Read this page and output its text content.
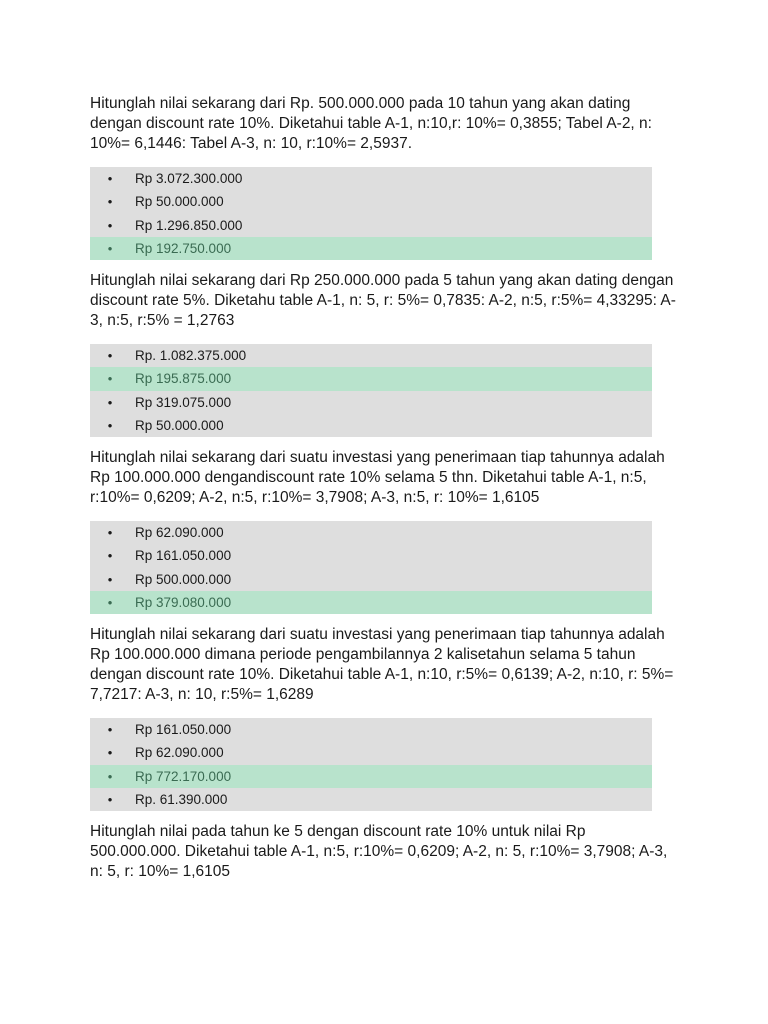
Hitunglah nilai sekarang dari Rp. 500.000.000 pada 10 tahun yang akan dating dengan discount rate 10%. Diketahui table A-1, n:10,r: 10%= 0,3855; Tabel A-2, n: 10%= 6,1446: Tabel A-3, n: 10, r:10%= 2,5937.

• Rp 3.072.300.000
• Rp 50.000.000
• Rp 1.296.850.000
• Rp 192.750.000

Hitunglah nilai sekarang dari Rp 250.000.000 pada 5 tahun yang akan dating dengan discount rate 5%. Diketahu table A-1, n: 5, r: 5%= 0,7835: A-2, n:5, r:5%= 4,33295: A-3, n:5, r:5% = 1,2763

• Rp. 1.082.375.000
• Rp 195.875.000
• Rp 319.075.000
• Rp 50.000.000

Hitunglah nilai sekarang dari suatu investasi yang penerimaan tiap tahunnya adalah Rp 100.000.000 dengandiscount rate 10% selama 5 thn. Diketahui table A-1, n:5, r:10%= 0,6209; A-2, n:5, r:10%= 3,7908; A-3, n:5, r: 10%= 1,6105

• Rp 62.090.000
• Rp 161.050.000
• Rp 500.000.000
• Rp 379.080.000

Hitunglah nilai sekarang dari suatu investasi yang penerimaan tiap tahunnya adalah Rp 100.000.000 dimana periode pengambilannya 2 kalisetahun selama 5 tahun dengan discount rate 10%. Diketahui table A-1, n:10, r:5%= 0,6139; A-2, n:10, r: 5%= 7,7217: A-3, n: 10, r:5%= 1,6289

• Rp 161.050.000
• Rp 62.090.000
• Rp 772.170.000
• Rp. 61.390.000

Hitunglah nilai pada tahun ke 5 dengan discount rate 10% untuk nilai Rp 500.000.000. Diketahui table A-1, n:5, r:10%= 0,6209; A-2, n: 5, r:10%= 3,7908; A-3, n: 5, r: 10%= 1,6105
